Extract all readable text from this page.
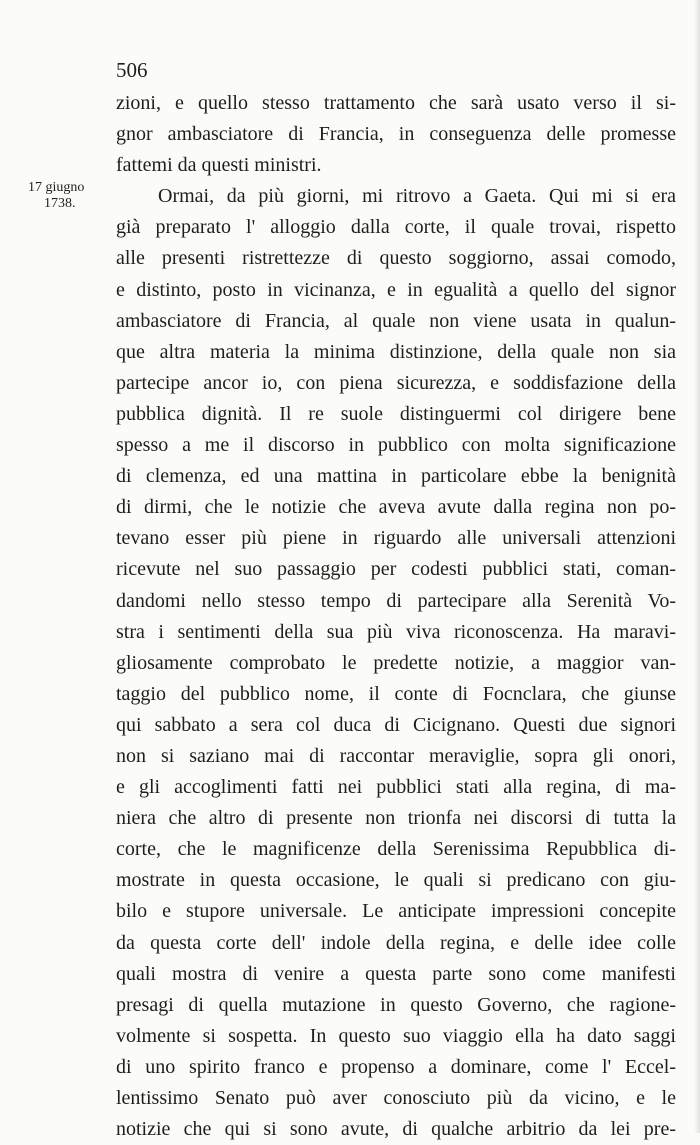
506
17 giugno
1738.
zioni, e quello stesso trattamento che sarà usato verso il si-
gnor ambasciatore di Francia, in conseguenza delle promesse
fattemi da questi ministri.
Ormai, da più giorni, mi ritrovo a Gaeta. Qui mi si era
già preparato l' alloggio dalla corte, il quale trovai, rispetto
alle presenti ristrettezze di questo soggiorno, assai comodo,
e distinto, posto in vicinanza, e in egualità a quello del signor
ambasciatore di Francia, al quale non viene usata in qualun-
que altra materia la minima distinzione, della quale non sia
partecipe ancor io, con piena sicurezza, e soddisfazione della
pubblica dignità. Il re suole distinguermi col dirigere bene
spesso a me il discorso in pubblico con molta significazione
di clemenza, ed una mattina in particolare ebbe la benignità
di dirmi, che le notizie che aveva avute dalla regina non po-
tevano esser più piene in riguardo alle universali attenzioni
ricevute nel suo passaggio per codesti pubblici stati, coman-
dandomi nello stesso tempo di partecipare alla Serenità Vo-
stra i sentimenti della sua più viva riconoscenza. Ha maravi-
gliosamente comprobato le predette notizie, a maggior van-
taggio del pubblico nome, il conte di Focnclara, che giunse
qui sabbato a sera col duca di Cicignano. Questi due signori
non si saziano mai di raccontar meraviglie, sopra gli onori,
e gli accoglimenti fatti nei pubblici stati alla regina, di ma-
niera che altro di presente non trionfa nei discorsi di tutta la
corte, che le magnificenze della Serenissima Repubblica di-
mostrate in questa occasione, le quali si predicano con giu-
bilo e stupore universale. Le anticipate impressioni concepite
da questa corte dell' indole della regina, e delle idee colle
quali mostra di venire a questa parte sono come manifesti
presagi di quella mutazione in questo Governo, che ragione-
volmente si sospetta. In questo suo viaggio ella ha dato saggi
di uno spirito franco e propenso a dominare, come l' Eccel-
lentissimo Senato può aver conosciuto più da vicino, e le
notizie che qui si sono avute, di qualche arbitrio da lei pre-
